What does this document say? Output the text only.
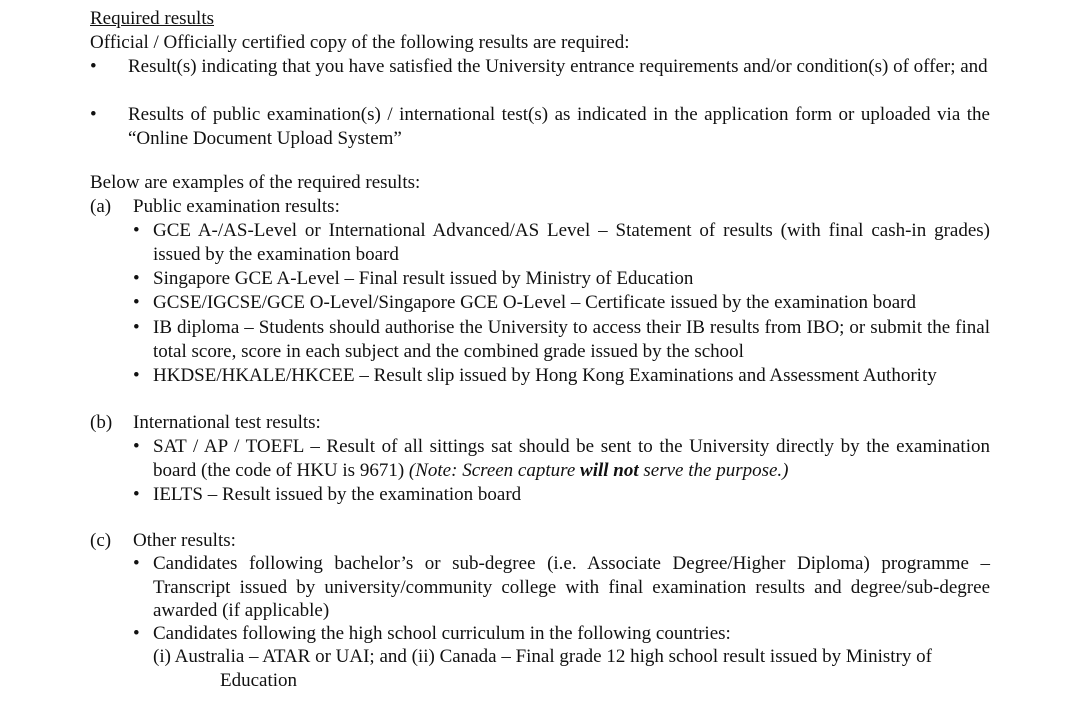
Required results
Official / Officially certified copy of the following results are required:
• Result(s) indicating that you have satisfied the University entrance requirements and/or condition(s) of offer; and
• Results of public examination(s) / international test(s) as indicated in the application form or uploaded via the “Online Document Upload System”
Below are examples of the required results:
(a) Public examination results:
• GCE A-/AS-Level or International Advanced/AS Level – Statement of results (with final cash-in grades) issued by the examination board
• Singapore GCE A-Level – Final result issued by Ministry of Education
• GCSE/IGCSE/GCE O-Level/Singapore GCE O-Level – Certificate issued by the examination board
• IB diploma – Students should authorise the University to access their IB results from IBO; or submit the final total score, score in each subject and the combined grade issued by the school
• HKDSE/HKALE/HKCEE – Result slip issued by Hong Kong Examinations and Assessment Authority
(b) International test results:
• SAT / AP / TOEFL – Result of all sittings sat should be sent to the University directly by the examination board (the code of HKU is 9671) (Note: Screen capture will not serve the purpose.)
• IELTS – Result issued by the examination board
(c) Other results:
• Candidates following bachelor’s or sub-degree (i.e. Associate Degree/Higher Diploma) programme – Transcript issued by university/community college with final examination results and degree/sub-degree awarded (if applicable)
• Candidates following the high school curriculum in the following countries:
(i) Australia – ATAR or UAI; and (ii) Canada – Final grade 12 high school result issued by Ministry of
Education
